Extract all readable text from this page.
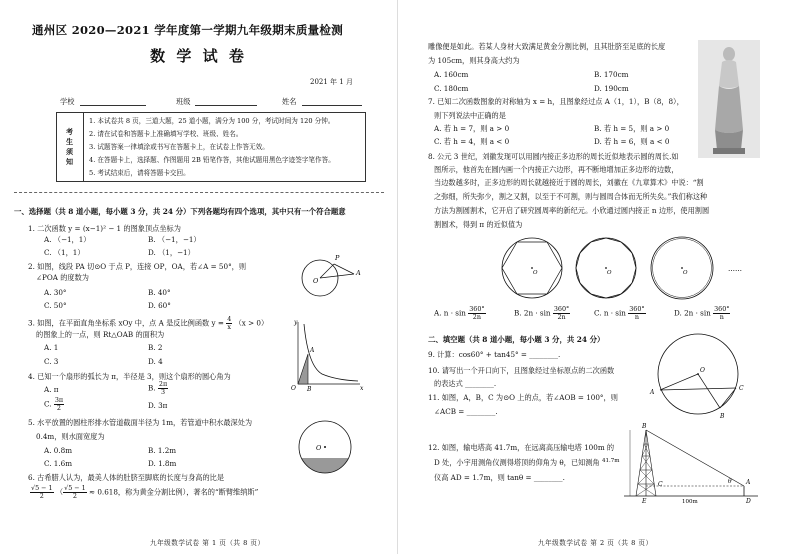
通州区 2020—2021 学年度第一学期九年级期末质量检测
数 学 试 卷
2021 年 1 月
学校	班级	姓名
考
生
须
知
1. 本试卷共 8 页，三道大题，25 道小题，满分为 100 分，考试时间为 120 分钟。
2. 请在试卷和答题卡上准确填写学校、班级、姓名。
3. 试题答案一律填涂或书写在答题卡上，在试卷上作答无效。
4. 在答题卡上，选择题、作图题用 2B 铅笔作答，其他试题用黑色字迹签字笔作答。
5. 考试结束后，请将答题卡交回。
一、选择题（共 8 道小题，每小题 3 分，共 24 分）下列各题均有四个选项，其中只有一个符合题意
1. 二次函数 y = (x−1)² − 1 的图象顶点坐标为
A. （−1，1）	B. （−1，−1）
C. （1，1）	D. （1，−1）
2. 如图，线段 PA 切⊙O 于点 P，连接 OP，OA，若∠A = 50°，则
∠POA 的度数为
A. 30°	B. 40°
C. 50°	D. 60°
P
A
O
3. 如图，在平面直角坐标系 xOy 中，点 A 是反比例函数 $y = \frac{4}{x} (x > 0)$
的图象上的一点，则 Rt△OAB 的面积为
A. 1	B. 2
C. 3	D. 4
y
x
O
A
B
4. 已知一个扇形的弧长为 π，半径是 3，则这个扇形的圆心角为
A. π	B. $\frac{2\pi}{3}$
C. $\frac{3\pi}{2}$	D. 3π
5. 水平放置的圆柱形排水管道截面半径为 1m，若管道中积水最深处为
0.4m，则水面宽度为
A. 0.8m	B. 1.2m
C. 1.6m	D. 1.8m
O
6. 古希腊人认为，最美人体的肚脐至脚底的长度与身高的比是
$\frac{√5 - 1}{2}$ （ $\frac{√5 - 1}{2} \approx 0.618$，称为黄金分割比例），著名的“断臂维纳斯”
九年级数学试卷 第 1 页（共 8 页）
雕像便是如此。若某人身材大致满足黄金分割比例，且其肚脐至足底的长度
为 105cm，则其身高大约为
A. 160cm	B. 170cm
C. 180cm	D. 190cm
7. 已知二次函数图象的对称轴为 x = h，且图象经过点 A（1，1），B（8，8），
则下列说法中正确的是
A. 若 h = 7，则 a > 0	B. 若 h = 5，则 a > 0
C. 若 h = 4，则 a < 0	D. 若 h = 6，则 a < 0
8. 公元 3 世纪，刘徽发现可以用圆内接正多边形的周长近似地表示圆的周长.如
图所示，他首先在圆内画一个内接正六边形，再不断地增加正多边形的边数，
当边数越多时，正多边形的周长就越接近于圆的周长，刘徽在《九章算术》中说：“割
之弥细，所失弥少，割之又割，以至于不可割，则与圆周合体而无所失矣。”我们称这种
方法为割圆割术，它开启了研究圆周率的新纪元。小欣通过圆内接正 n 边形，使用割圆
割圆术，得到 π 的近似值为
O	O	O	……
A. $n \cdot \sin \frac{360^\circ}{2n}$	B. $2n \cdot \sin \frac{360^\circ}{2n}$	C. $n \cdot \sin \frac{360^\circ}{n}$	D. $2n \cdot \sin \frac{360^\circ}{n}$
二、填空题（共 8 道小题，每小题 3 分，共 24 分）
9. 计算：cos60° + tan45° = ________.
10. 请写出一个开口向下，且图象经过坐标原点的二次函数
的表达式 ________.
11. 如图，A，B，C 为⊙O 上的点，若∠AOB = 100°，则
∠ACB = ________.
O
A
B
C
12. 如图，输电塔高 41.7m，在远离高压输电塔 100m 的
D 处，小宇用测角仪测得塔顶的仰角为 θ，已知测角
仪高 AD = 1.7m，则 tanθ = ________.
41.7m
B
C
E	100m
A
D
θ
九年级数学试卷 第 2 页（共 8 页）
